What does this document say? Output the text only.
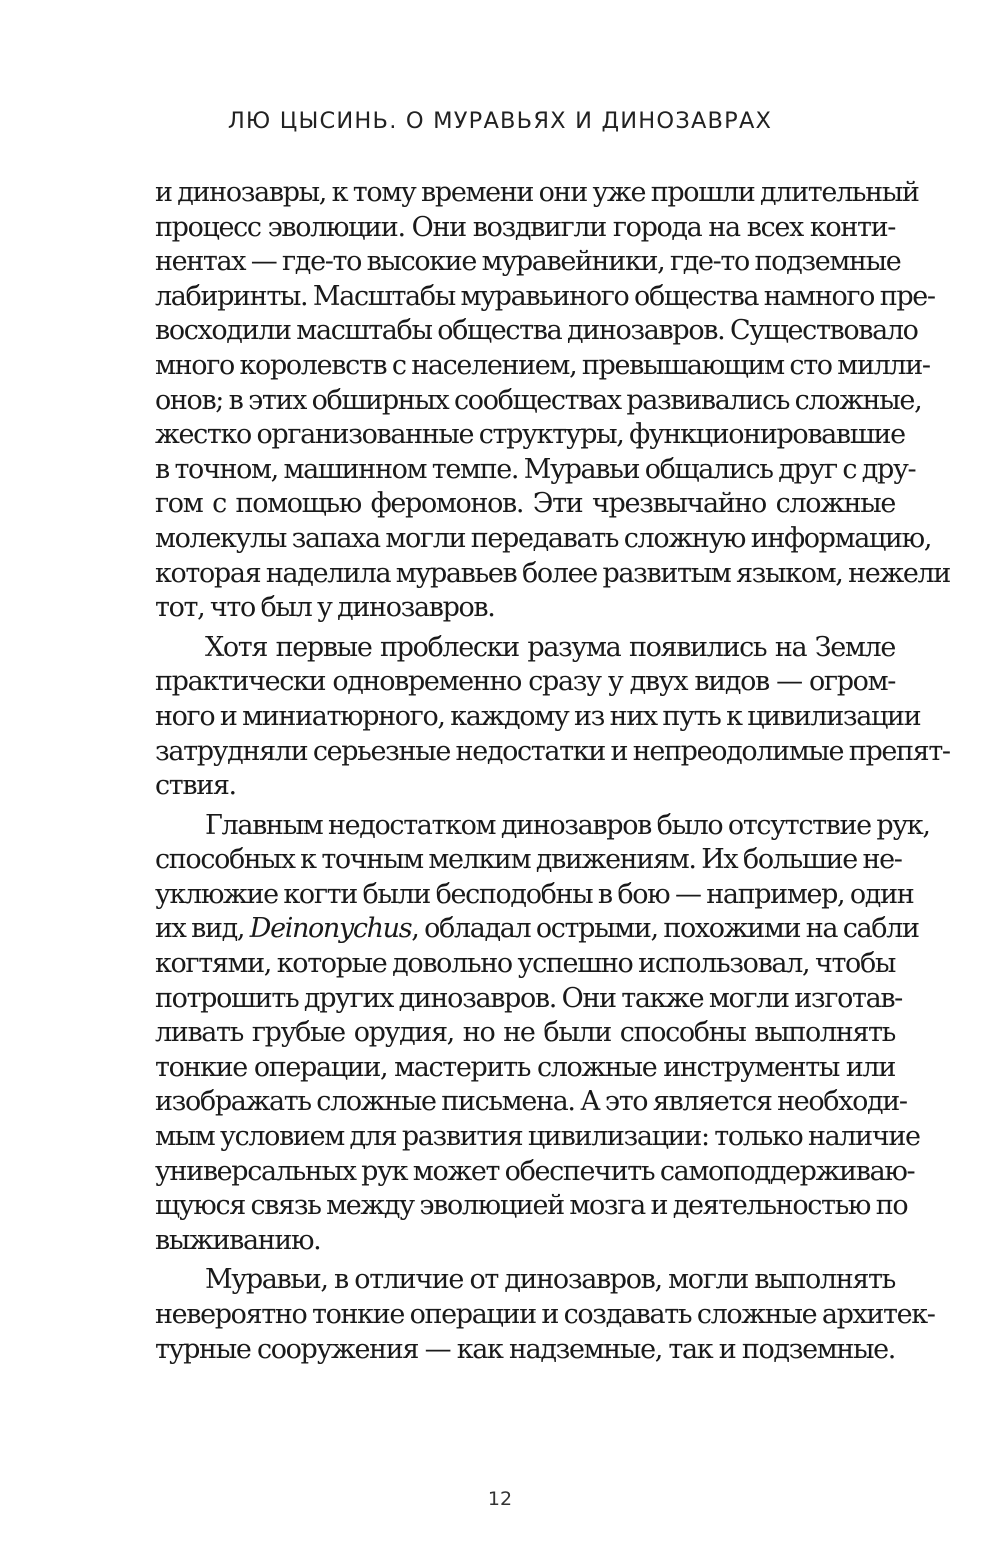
ЛЮ ЦЫСИНЬ. О МУРАВЬЯХ И ДИНОЗАВРАХ
и динозавры, к тому времени они уже прошли длительный
процесс эволюции. Они воздвигли города на всех конти-
нентах — где-то высокие муравейники, где-то подземные
лабиринты. Масштабы муравьиного общества намного пре-
восходили масштабы общества динозавров. Существовало
много королевств с населением, превышающим сто милли-
онов; в этих обширных сообществах развивались сложные,
жестко организованные структуры, функционировавшие
в точном, машинном темпе. Муравьи общались друг с дру-
гом с помощью феромонов. Эти чрезвычайно сложные
молекулы запаха могли передавать сложную информацию,
которая наделила муравьев более развитым языком, нежели
тот, что был у динозавров.
Хотя первые проблески разума появились на Земле
практически одновременно сразу у двух видов — огром-
ного и миниатюрного, каждому из них путь к цивилизации
затрудняли серьезные недостатки и непреодолимые препят-
ствия.
Главным недостатком динозавров было отсутствие рук,
способных к точным мелким движениям. Их большие не-
уклюжие когти были бесподобны в бою — например, один
их вид, Deinonychus, обладал острыми, похожими на сабли
когтями, которые довольно успешно использовал, чтобы
потрошить других динозавров. Они также могли изготав-
ливать грубые орудия, но не были способны выполнять
тонкие операции, мастерить сложные инструменты или
изображать сложные письмена. А это является необходи-
мым условием для развития цивилизации: только наличие
универсальных рук может обеспечить самоподдерживаю-
щуюся связь между эволюцией мозга и деятельностью по
выживанию.
Муравьи, в отличие от динозавров, могли выполнять
невероятно тонкие операции и создавать сложные архитек-
турные сооружения — как надземные, так и подземные.
12
